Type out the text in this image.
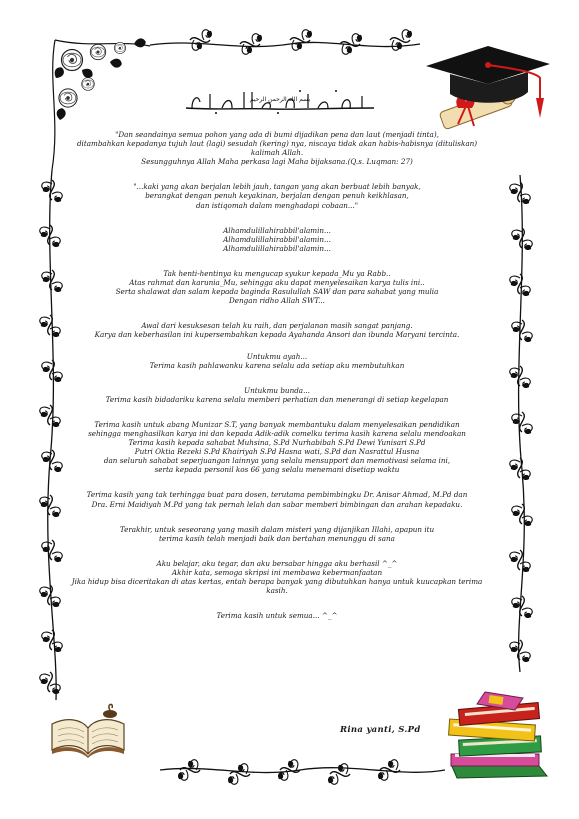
بسم الله الرحمن الرحيم

"Dan seandainya semua pohon yang ada di bumi dijadikan pena dan laut (menjadi tinta),

ditambahkan kepadanya tujuh laut (lagi) sesudah (kering) nya, niscaya tidak akan habis-habisnya (dituliskan) kalimah Allah.

Sesungguhnya Allah Maha perkasa lagi Maha bijaksana.(Q.s. Luqman: 27)

"...kaki yang akan berjalan lebih jauh, tangan yang akan berbuat lebih banyak,

berangkat dengan penuh keyakinan, berjalan dengan penuh keikhlasan,

dan istiqomah dalam menghadapi cobaan..."

Alhamdulillahirabbil'alamin...

Alhamdulillahirabbil'alamin...

Alhamdulillahirabbil'alamin...

Tak henti-hentinya ku mengucap syukur kepada_Mu ya Rabb..

Atas rahmat dan karunia_Mu, sehingga aku dapat menyelesaikan karya tulis ini..

Serta shalawat dan salam kepada baginda Rasulullah SAW dan para sahabat yang mulia

Dengan ridho Allah SWT...

Awal dari kesuksesan telah ku raih, dan perjalanan masih sangat panjang.

Karya dan keberhasilan ini kupersembahkan kepada Ayahanda Ansori dan ibunda Maryani tercinta.

Untukmu ayah...

Terima kasih pahlawanku karena selalu ada setiap aku membutuhkan

Untukmu bunda...

Terima kasih bidadariku karena selalu memberi perhatian dan menerangi di setiap kegelapan

Terima kasih untuk abang Munizar S.T, yang banyak membantuku dalam menyelesaikan pendidikan

sehingga menghasilkan karya ini dan kepada Adik-adik comelku terima kasih karena selalu mendoakan

Terima kasih kepada sahabat Muhsina, S.Pd Nurhabibah S.Pd Dewi Yunisari S.Pd

Putri Oktia Rezeki S.Pd Khairiyah S.Pd Hasna wati, S.Pd dan Nasrattul Husna

dan seluruh sahabat seperjuangan lainnya yang selalu mensupport dan memotivasi selama ini,

serta kepada personil kos 66 yang selalu menemani disetiap waktu

Terima kasih yang tak terhingga buat para dosen, terutama pembimbingku Dr. Anisar Ahmad, M.Pd dan

Dra. Erni Maidiyah M.Pd yang tak pernah lelah dan sabar memberi bimbingan dan arahan kepadaku.

Terakhir, untuk seseorang yang masih dalam misteri yang dijanjikan Illahi, apapun itu

terima kasih telah menjadi baik dan bertahan menunggu di sana

Aku belajar, aku tegar, dan aku bersabar hingga aku berhasil ^_^

Akhir kata, semoga skripsi ini membawa kebermanfaatan

Jika hidup bisa diceritakan di atas kertas, entah berapa banyak yang dibutuhkan hanya untuk kuucapkan terima kasih.

Terima kasih untuk semua... ^_^

Rina yanti, S.Pd
